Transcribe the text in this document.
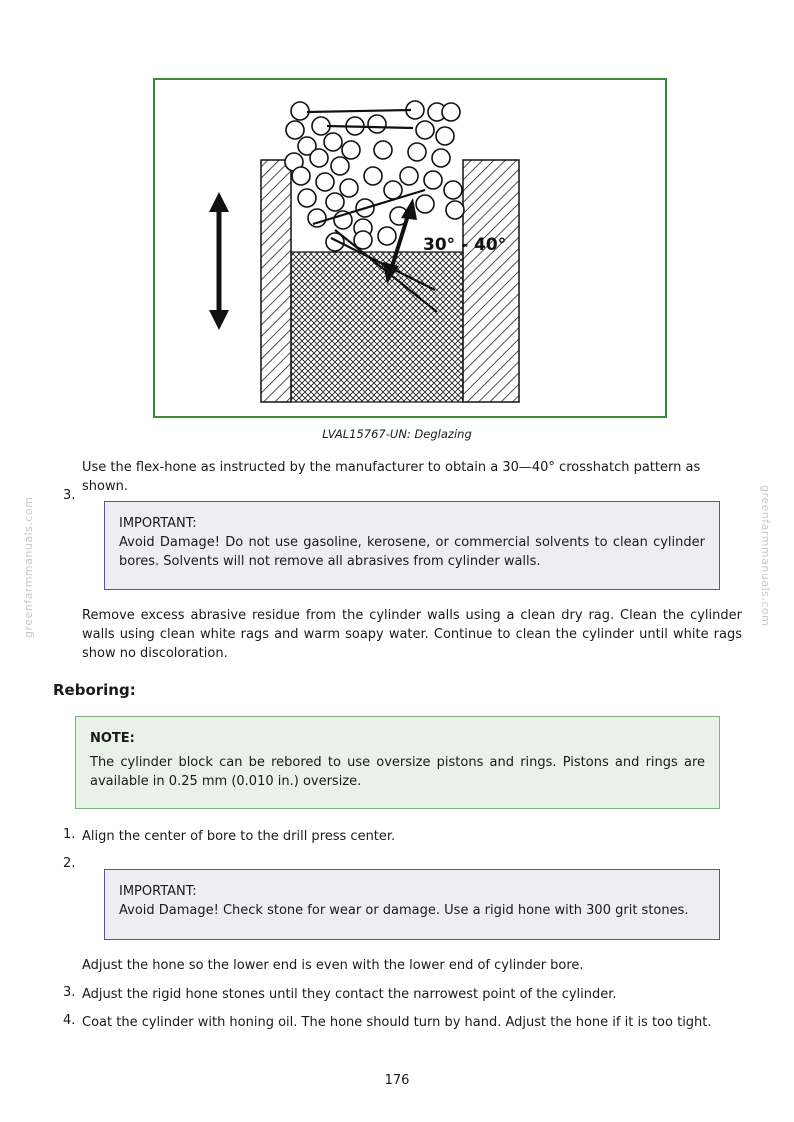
30° - 40°
LVAL15767-UN: Deglazing
greenfarmmanuals.com	greenfarmmanuals.com
Use the flex-hone as instructed by the manufacturer to obtain a 30—40° crosshatch pattern as shown.
3.
IMPORTANT:
Avoid Damage! Do not use gasoline, kerosene, or commercial solvents to clean cylinder bores. Solvents will not remove all abrasives from cylinder walls.
Remove excess abrasive residue from the cylinder walls using a clean dry rag. Clean the cylinder walls using clean white rags and warm soapy water. Continue to clean the cylinder until white rags show no discoloration.
Reboring:
NOTE:
The cylinder block can be rebored to use oversize pistons and rings. Pistons and rings are available in 0.25 mm (0.010 in.) oversize.
1. Align the center of bore to the drill press center.
2.
IMPORTANT:
Avoid Damage! Check stone for wear or damage. Use a rigid hone with 300 grit stones.
Adjust the hone so the lower end is even with the lower end of cylinder bore.
3. Adjust the rigid hone stones until they contact the narrowest point of the cylinder.
4. Coat the cylinder with honing oil. The hone should turn by hand. Adjust the hone if it is too tight.
176
